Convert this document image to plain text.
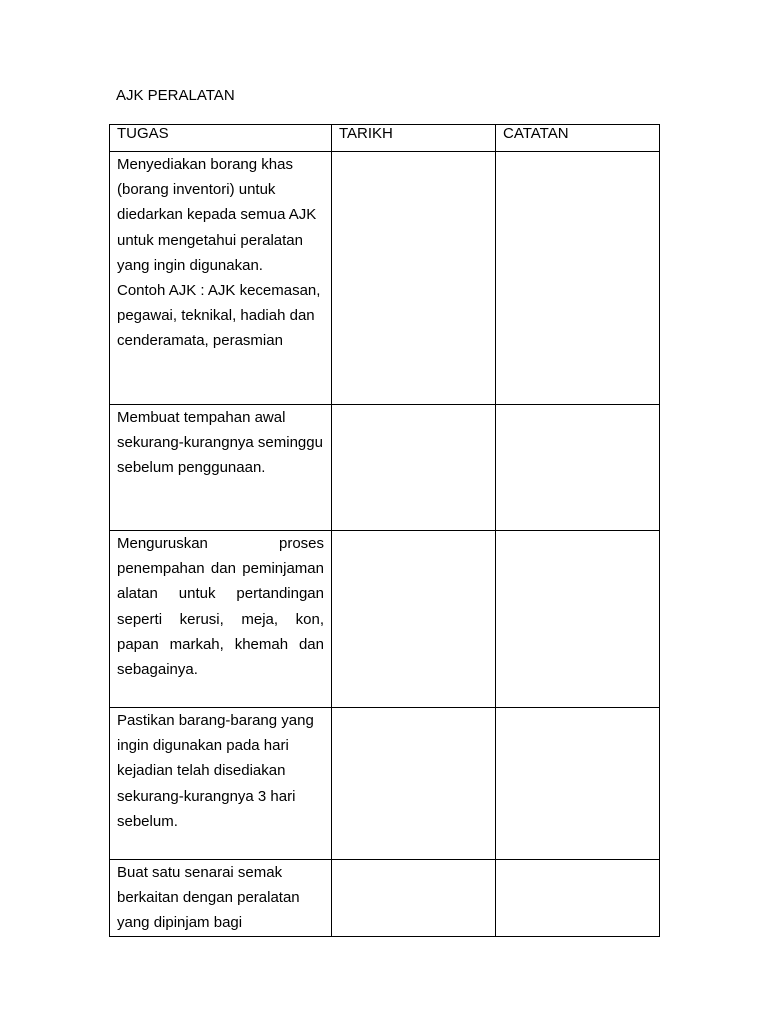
AJK PERALATAN
TUGAS	TARIKH	CATATAN

Menyediakan borang khas (borang inventori) untuk diedarkan kepada semua AJK untuk mengetahui peralatan yang ingin digunakan.
Contoh AJK : AJK kecemasan, pegawai, teknikal, hadiah dan cenderamata, perasmian		

Membuat tempahan awal sekurang-kurangnya seminggu sebelum penggunaan.		

Menguruskan proses penempahan dan peminjaman alatan untuk pertandingan seperti kerusi, meja, kon, papan markah, khemah dan sebagainya.		

Pastikan barang-barang yang ingin digunakan pada hari kejadian telah disediakan sekurang-kurangnya 3 hari sebelum.		

Buat satu senarai semak berkaitan dengan peralatan yang dipinjam bagi		
